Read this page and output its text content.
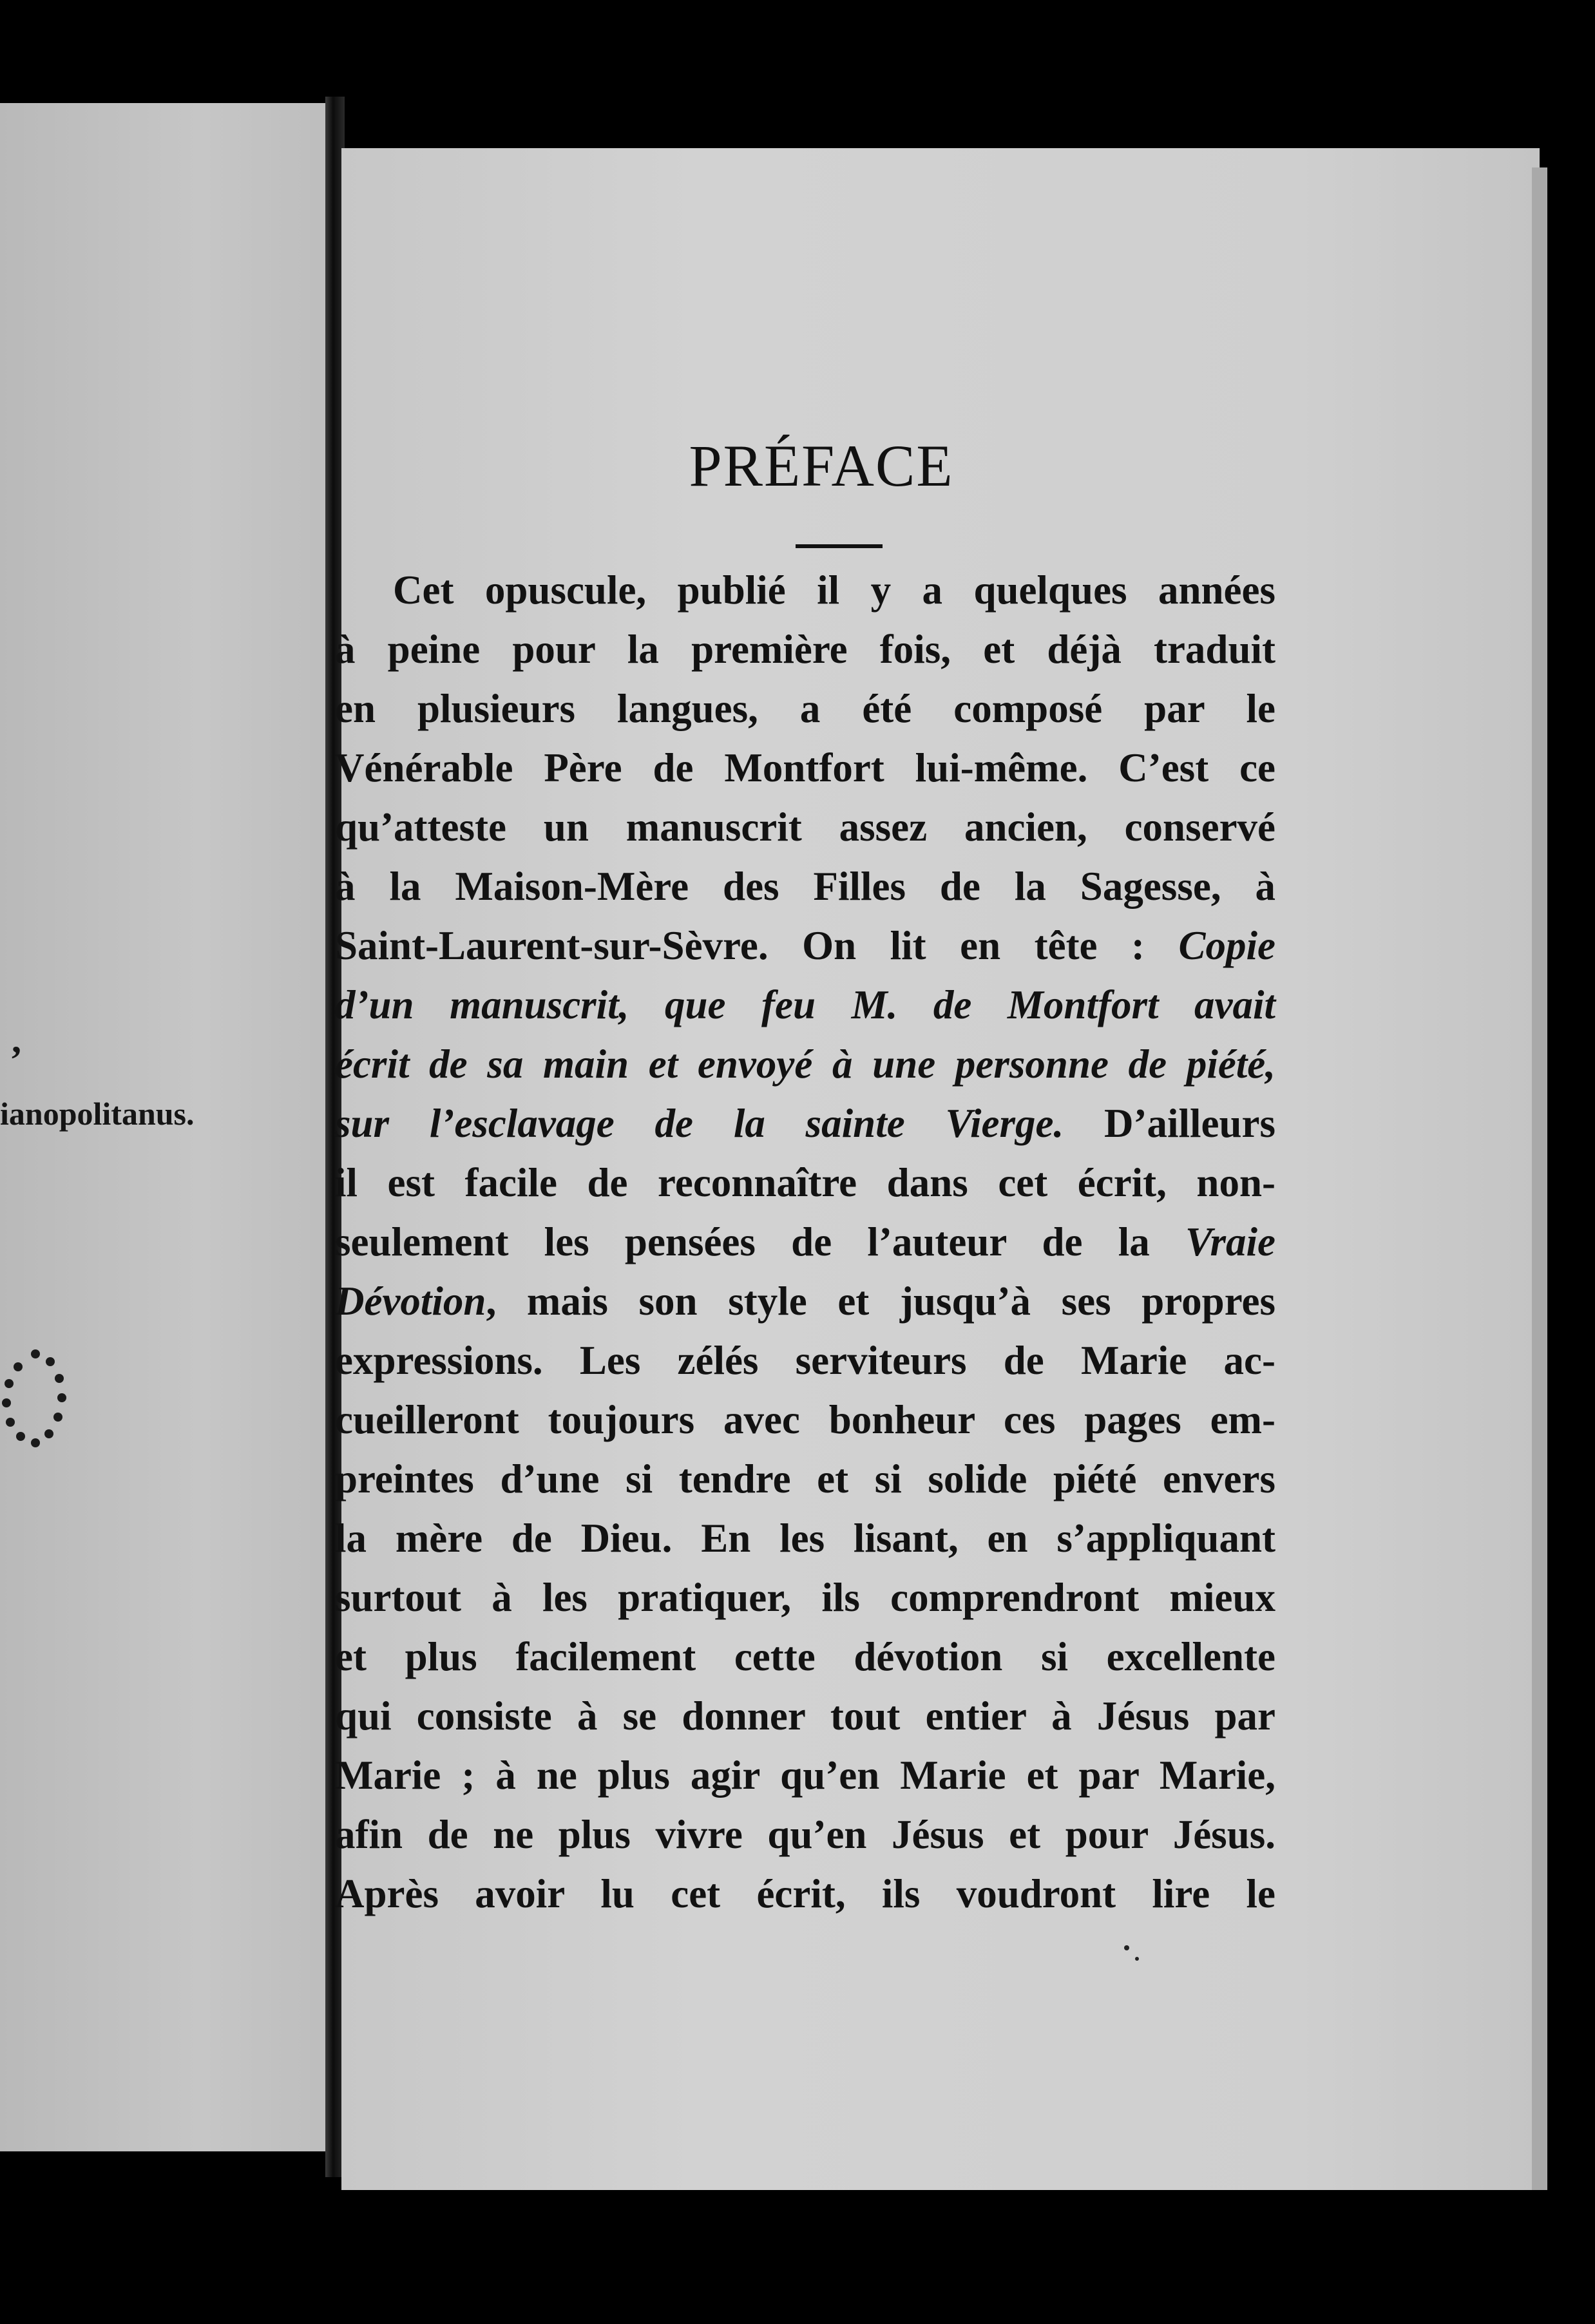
,
ianopolitanus.
PRÉFACE
Cet opuscule, publié il y a quelques années
à peine pour la première fois, et déjà traduit
en plusieurs langues, a été composé par le
Vénérable Père de Montfort lui-même. C’est ce
qu’atteste un manuscrit assez ancien, conservé
à la Maison-Mère des Filles de la Sagesse, à
Saint-Laurent-sur-Sèvre. On lit en tête : Copie
d’un manuscrit, que feu M. de Montfort avait
écrit de sa main et envoyé à une personne de piété,
sur l’esclavage de la sainte Vierge. D’ailleurs
il est facile de reconnaître dans cet écrit, non-
seulement les pensées de l’auteur de la Vraie
Dévotion, mais son style et jusqu’à ses propres
expressions. Les zélés serviteurs de Marie ac-
cueilleront toujours avec bonheur ces pages em-
preintes d’une si tendre et si solide piété envers
la mère de Dieu. En les lisant, en s’appliquant
surtout à les pratiquer, ils comprendront mieux
et plus facilement cette dévotion si excellente
qui consiste à se donner tout entier à Jésus par
Marie ; à ne plus agir qu’en Marie et par Marie,
afin de ne plus vivre qu’en Jésus et pour Jésus.
Après avoir lu cet écrit, ils voudront lire le
